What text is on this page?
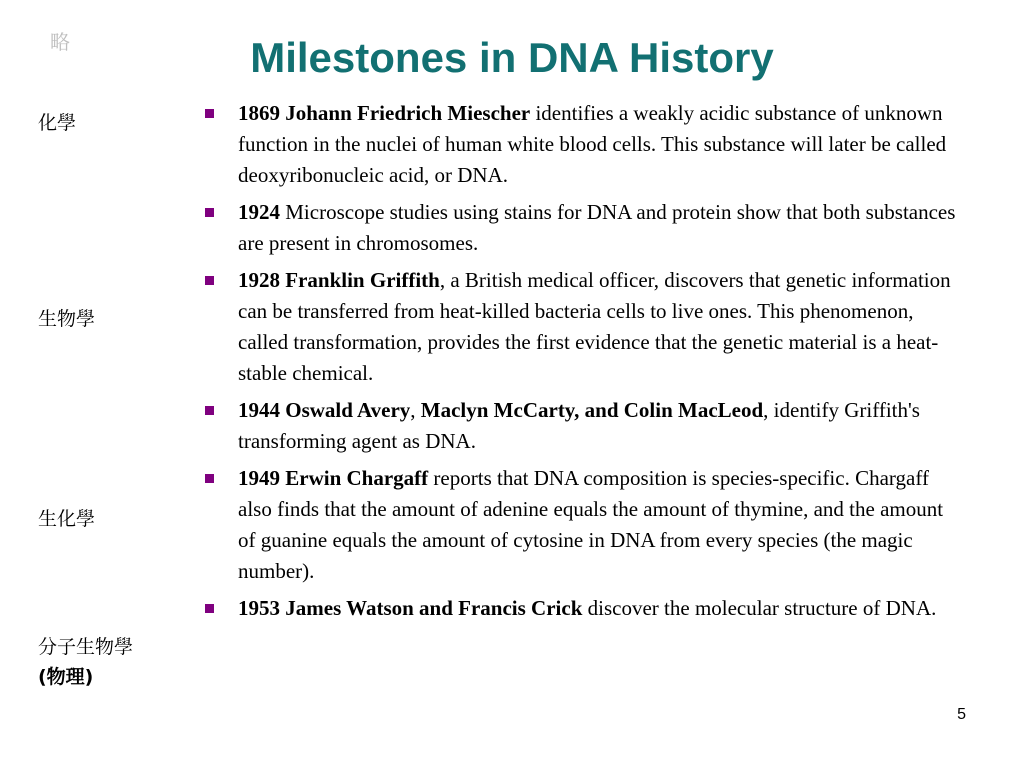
略	Milestones in DNA History
化學
生物學
生化學
分子生物學
(物理)
1869 Johann Friedrich Miescher identifies a weakly acidic substance of unknown function in the nuclei of human white blood cells. This substance will later be called deoxyribonucleic acid, or DNA.
1924 Microscope studies using stains for DNA and protein show that both substances are present in chromosomes.
1928 Franklin Griffith, a British medical officer, discovers that genetic information can be transferred from heat-killed bacteria cells to live ones. This phenomenon, called transformation, provides the first evidence that the genetic material is a heat-stable chemical.
1944 Oswald Avery, Maclyn McCarty, and Colin MacLeod, identify Griffith's transforming agent as DNA.
1949 Erwin Chargaff reports that DNA composition is species-specific. Chargaff also finds that the amount of adenine equals the amount of thymine, and the amount of guanine equals the amount of cytosine in DNA from every species (the magic number).
1953 James Watson and Francis Crick discover the molecular structure of DNA.
5
